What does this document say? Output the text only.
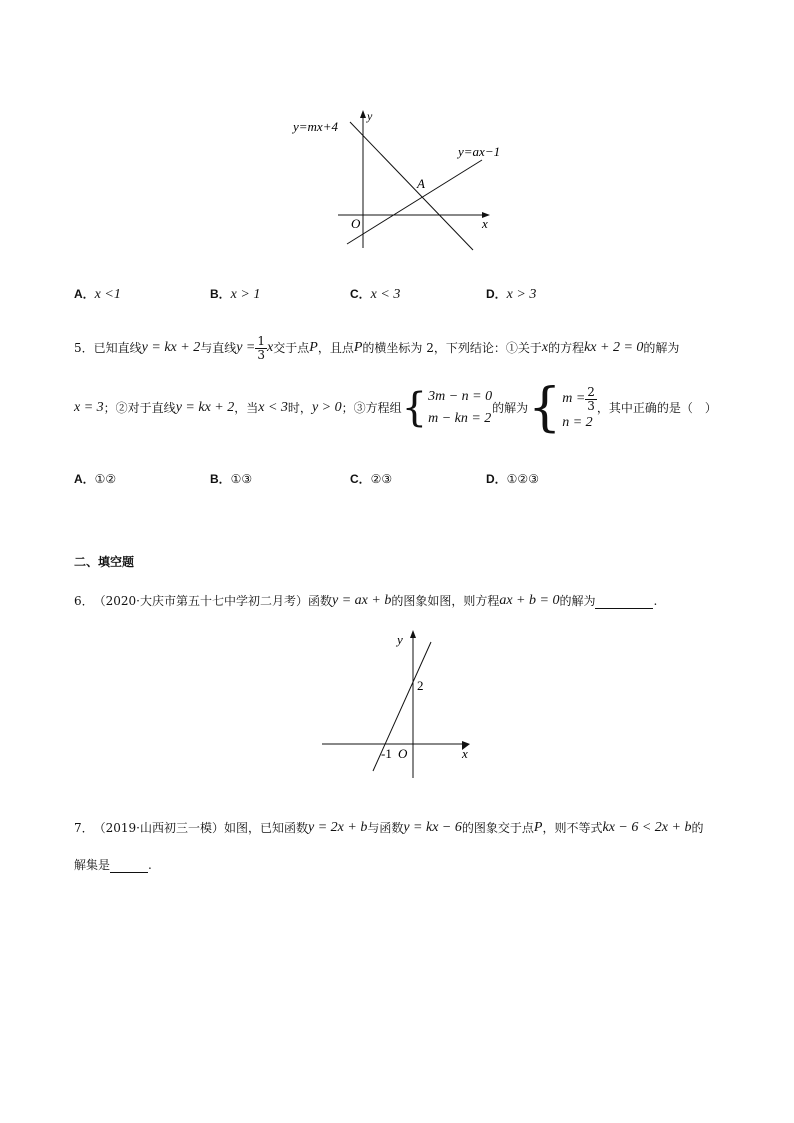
y=mx+4
y=ax−1
A
O	x
y
A．x <1	B．x > 1	C．x < 3	D．x > 3
5． 已知直线 y = kx + 2 与直线 $y = \frac{1}{3}$ x 交于点 P ，且点 P 的横坐标为 2，下列结论：①关于 x 的方程 kx + 2 = 0 的解为
x = 3 ；②对于直线 y = kx + 2 ，当 x < 3 时， y > 0 ；③方程组 { 3m − n = 0
m − kn = 2
的解为 { $m = \frac{2}{3}$
n = 2
，其中正确的是（　）
A．①②	B．①③	C．②③	D．①②③
二、填空题
6． （2020·大庆市第五十七中学初二月考）函数 y = ax + b 的图象如图，则方程 ax + b = 0 的解为	.
y
2
-1 O	x
7． （2019·山西初三一模）如图，已知函数 y = 2x + b 与函数 y = kx − 6 的图象交于点 P ，则不等式 kx − 6 < 2x + b 的
解集是	.
